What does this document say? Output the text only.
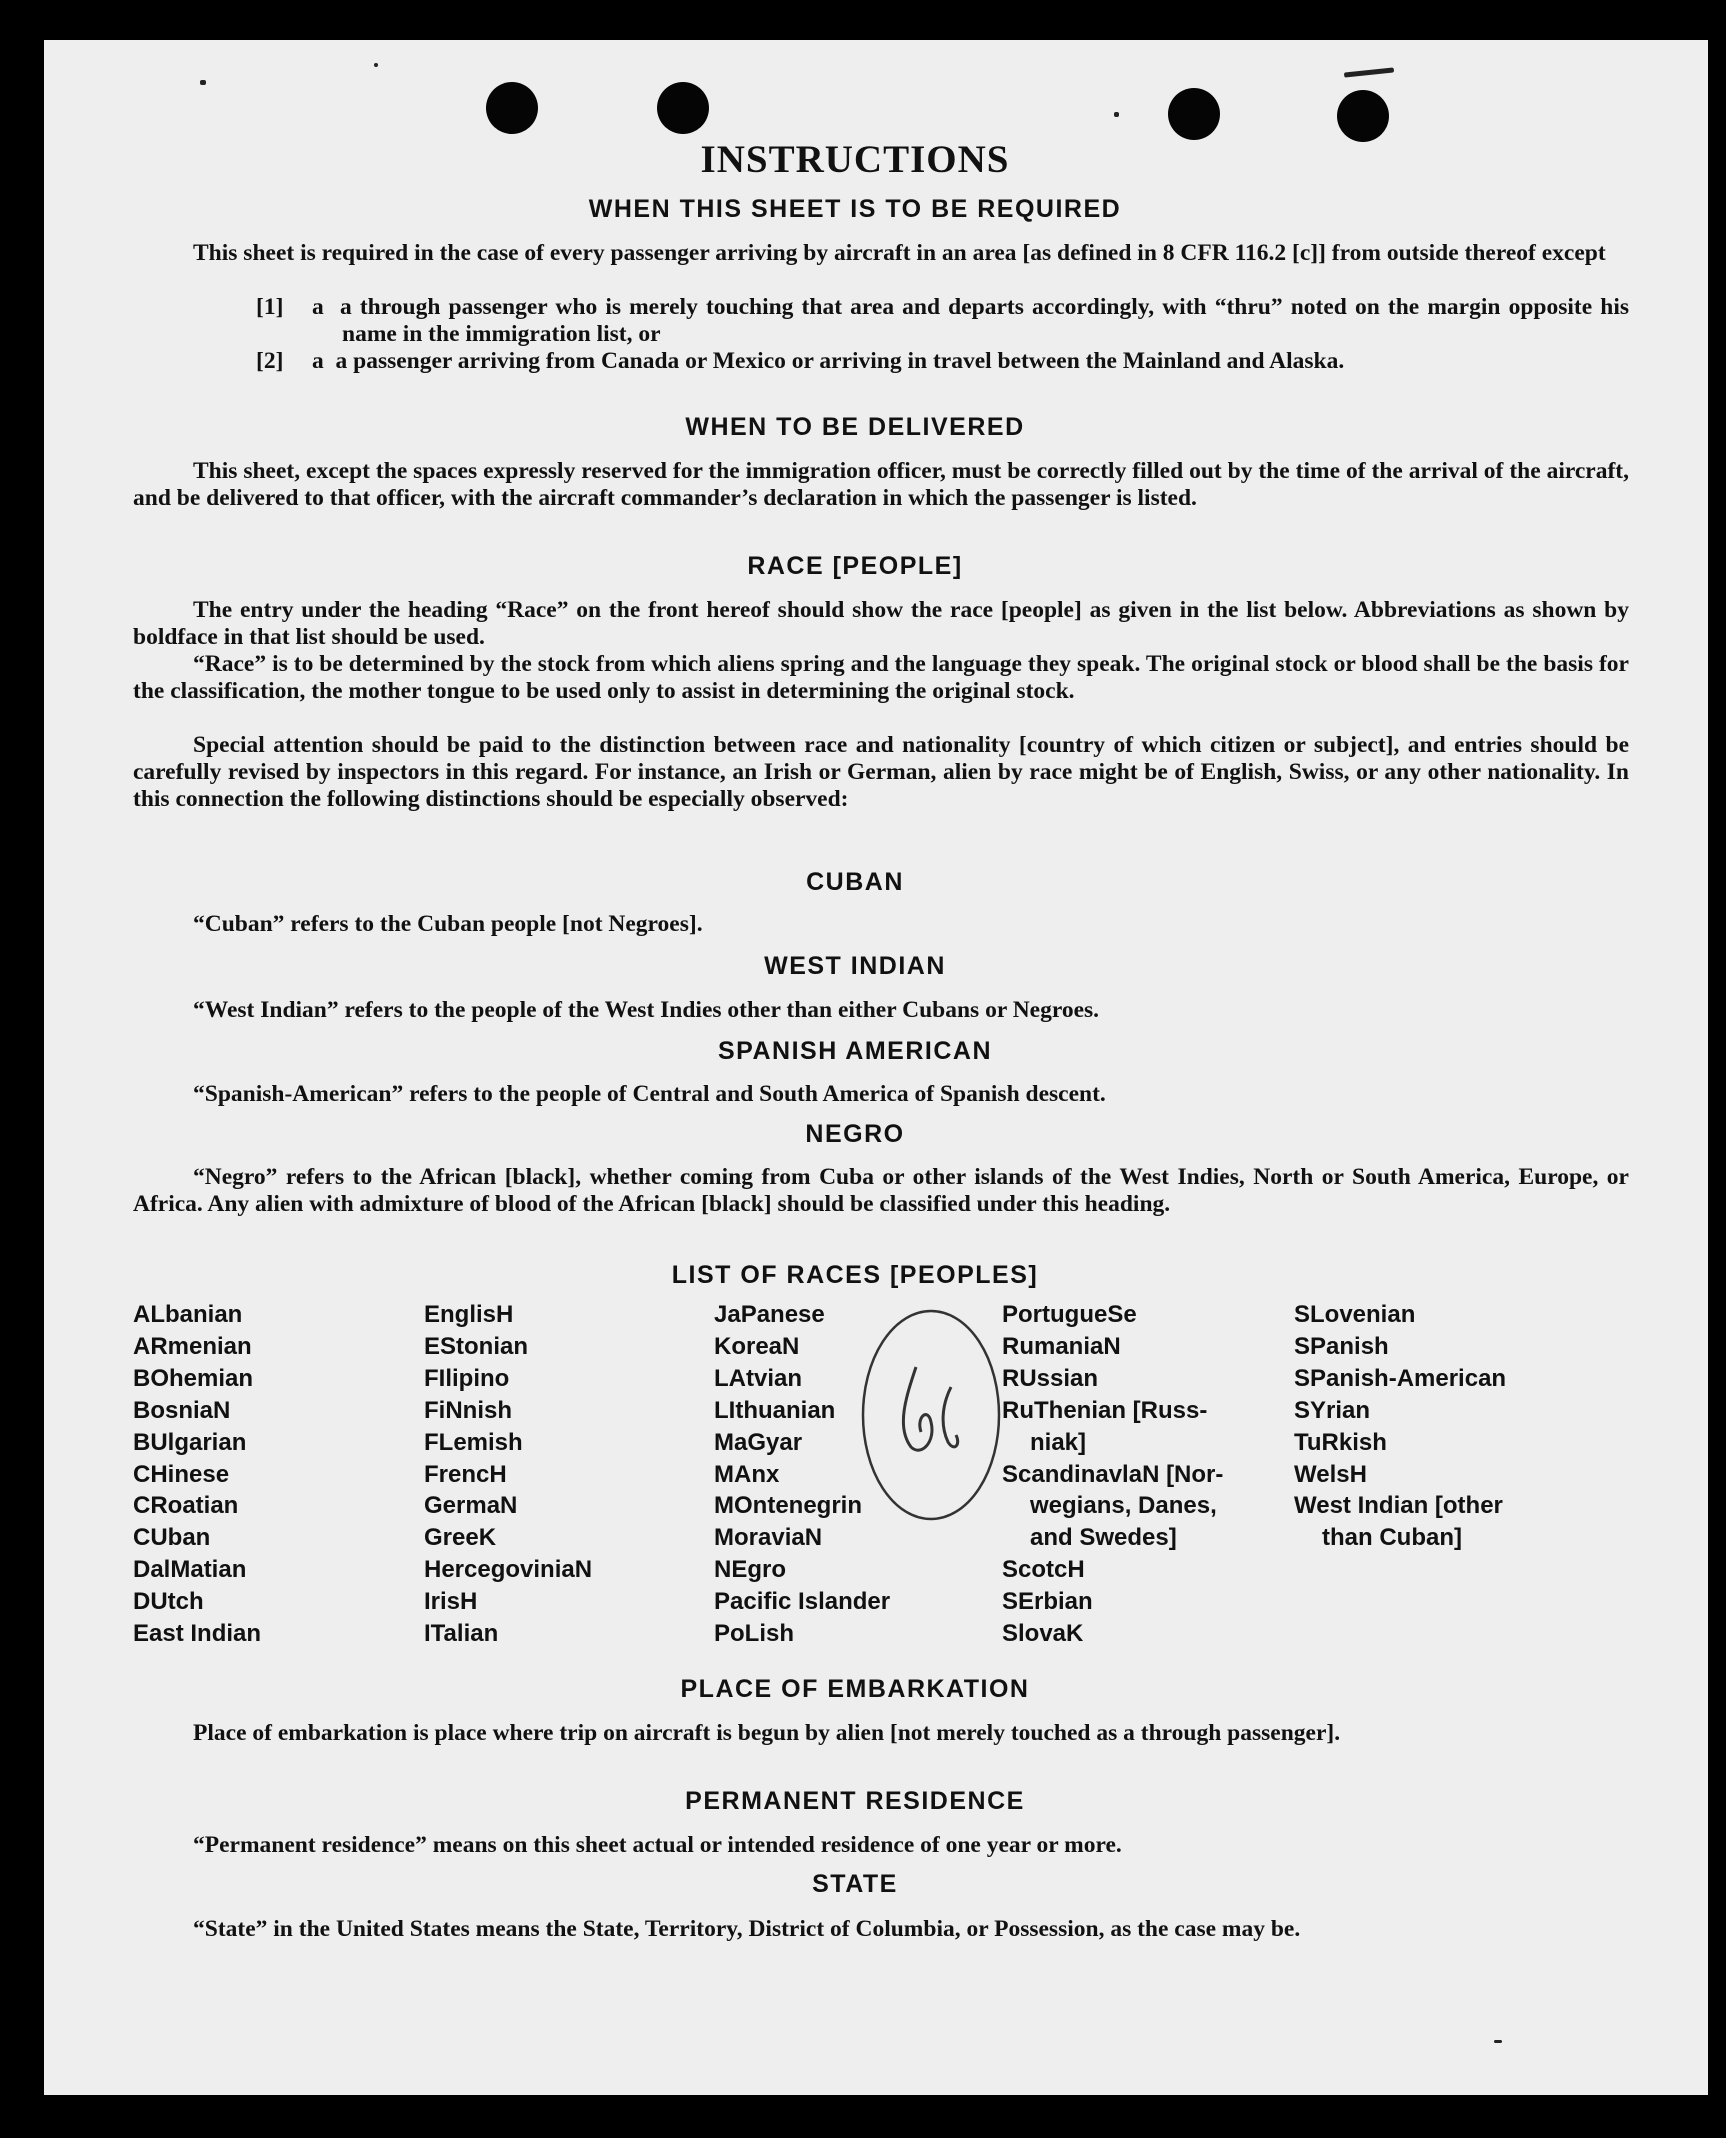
INSTRUCTIONS
WHEN THIS SHEET IS TO BE REQUIRED
This sheet is required in the case of every passenger arriving by aircraft in an area [as defined in 8 CFR 116.2 [c]] from outside thereof except
[1] a  a through passenger who is merely touching that area and departs accordingly, with “thru” noted on the margin opposite his name in the immigration list, or
[2] a  a passenger arriving from Canada or Mexico or arriving in travel between the Mainland and Alaska.
WHEN TO BE DELIVERED
This sheet, except the spaces expressly reserved for the immigration officer, must be correctly filled out by the time of the arrival of the aircraft, and be delivered to that officer, with the aircraft commander’s declaration in which the passenger is listed.
RACE [PEOPLE]
The entry under the heading “Race” on the front hereof should show the race [people] as given in the list below. Abbreviations as shown by boldface in that list should be used.
“Race” is to be determined by the stock from which aliens spring and the language they speak. The original stock or blood shall be the basis for the classification, the mother tongue to be used only to assist in determining the original stock.
Special attention should be paid to the distinction between race and nationality [country of which citizen or subject], and entries should be carefully revised by inspectors in this regard. For instance, an Irish or German, alien by race might be of English, Swiss, or any other nationality. In this connection the following distinctions should be especially observed:
CUBAN
“Cuban” refers to the Cuban people [not Negroes].
WEST INDIAN
“West Indian” refers to the people of the West Indies other than either Cubans or Negroes.
SPANISH AMERICAN
“Spanish-American” refers to the people of Central and South America of Spanish descent.
NEGRO
“Negro” refers to the African [black], whether coming from Cuba or other islands of the West Indies, North or South America, Europe, or Africa. Any alien with admixture of blood of the African [black] should be classified under this heading.
LIST OF RACES [PEOPLES]
ALbanian
ARmenian
BOhemian
BosniaN
BUlgarian
CHinese
CRoatian
CUban
DalMatian
DUtch
East Indian
EnglisH
EStonian
FIlipino
FiNnish
FLemish
FrencH
GermaN
GreeK
HercegoviniaN
IrisH
ITalian
JaPanese
KoreaN
LAtvian
LIthuanian
MaGyar
MAnx
MOntenegrin
MoraviaN
NEgro
Pacific Islander
PoLish
PortugueSe
RumaniaN
RUssian
RuThenian [Russ-
niak]
ScandinavlaN [Nor-
wegians, Danes,
and Swedes]
ScotcH
SErbian
SlovaK
SLovenian
SPanish
SPanish-American
SYrian
TuRkish
WelsH
West Indian [other
than Cuban]
PLACE OF EMBARKATION
Place of embarkation is place where trip on aircraft is begun by alien [not merely touched as a through passenger].
PERMANENT RESIDENCE
“Permanent residence” means on this sheet actual or intended residence of one year or more.
STATE
“State” in the United States means the State, Territory, District of Columbia, or Possession, as the case may be.
